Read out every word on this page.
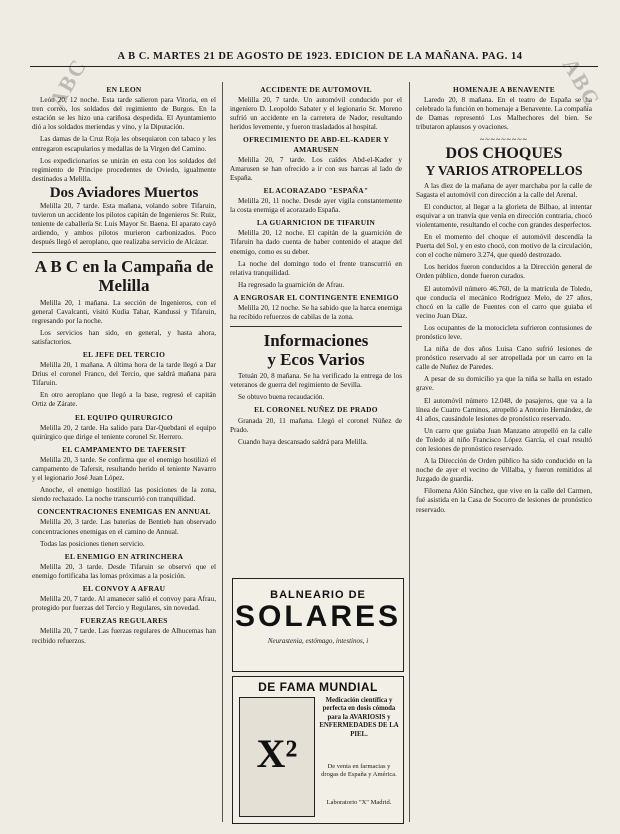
ABC	ABC
A B C. MARTES 21 DE AGOSTO DE 1923. EDICION DE LA MAÑANA. PAG. 14
EN LEON

León 20, 12 noche. Esta tarde salieron para Vitoria, en el tren correo, los soldados del regimiento de Burgos. En la estación se les hizo una cariñosa despedida. El Ayuntamiento dió a los soldados meriendas y vino, y la Diputación.

Las damas de la Cruz Roja les obsequiaron con tabaco y les entregaron escapularios y medallas de la Virgen del Camino.

Los expedicionarios se unirán en esta con los soldados del regimiento de Principe procedentes de Oviedo, igualmente destinados a Melilla.

Dos Aviadores Muertos

Melilla 20, 7 tarde. Esta mañana, volando sobre Tifaruin, tuvieron un accidente los pilotos capitán de Ingenieros Sr. Ruiz, teniente de caballería Sr. Luis Mayor Sr. Baena. El aparato cayó ardiendo, y ambos pilotos murieron carbonizados. Poco después llegó el aeroplano, que realizaba servicio de Alcázar.

A B C en la Campaña de Melilla

Melilla 20, 1 mañana. La sección de Ingenieros, con el general Cavalcanti, visitó Kudia Tahar, Kandussi y Tifaruin, regresando por la noche.

Los servicios han sido, en general, y hasta ahora, satisfactorios.

EL JEFE DEL TERCIO

Melilla 20, 1 mañana. A última hora de la tarde llegó a Dar Drius el coronel Franco, del Tercio, que saldrá mañana para Tifaruin.

En otro aeroplano que llegó a la base, regresó el capitán Ortiz de Zárate.

EL EQUIPO QUIRURGICO

Melilla 20, 2 tarde. Ha salido para Dar-Quebdani el equipo quirúrgico que dirige el teniente coronel Sr. Herrero.

EL CAMPAMENTO DE TAFERSIT

Melilla 20, 3 tarde. Se confirma que el enemigo hostilizó el campamento de Tafersit, resultando herido el teniente Navarro y el legionario José Juan López.

Anoche, el enemigo hostilizó las posiciones de la zona, siendo rechazado. La noche transcurrió con tranquilidad.

CONCENTRACIONES ENEMIGAS EN ANNUAL

Melilla 20, 3 tarde. Las baterías de Bentieb han observado concentraciones enemigas en el camino de Annual.

Todas las posiciones tienen servicio.

EL ENEMIGO EN ATRINCHERA

Melilla 20, 3 tarde. Desde Tifaruin se observó que el enemigo fortificaba las lomas próximas a la posición.

EL CONVOY A AFRAU

Melilla 20, 7 tarde. Al amanecer salió el convoy para Afrau, protegido por fuerzas del Tercio y Regulares, sin novedad.

FUERZAS REGULARES

Melilla 20, 7 tarde. Las fuerzas regulares de Alhucemas han recibido refuerzos.

ACCIDENTE DE AUTOMOVIL

Melilla 20, 7 tarde. Un automóvil conducido por el ingeniero D. Leopoldo Sabater y el legionario Sr. Moreno sufrió un accidente en la carretera de Nador, resultando heridos levemente, y fueron trasladados al hospital.

OFRECIMIENTO DE ABD-EL-KADER Y AMARUSEN

Melilla 20, 7 tarde. Los caídes Abd-el-Kader y Amarusen se han ofrecido a ir con sus harcas al lado de España.

EL ACORAZADO "ESPAÑA"

Melilla 20, 11 noche. Desde ayer vigila constantemente la costa enemiga el acorazado España.

LA GUARNICION DE TIFARUIN

Melilla 20, 12 noche. El capitán de la guarnición de Tifaruin ha dado cuenta de haber contenido el ataque del enemigo, como es su deber.

La noche del domingo todo el frente transcurrió en relativa tranquilidad.

Ha regresado la guarnición de Afrau.

A ENGROSAR EL CONTINGENTE ENEMIGO

Melilla 20, 12 noche. Se ha sabido que la harca enemiga ha recibido refuerzos de cabilas de la zona.

Informaciones
y Ecos Varios

Tetuán 20, 8 mañana. Se ha verificado la entrega de los veteranos de guerra del regimiento de Sevilla.

Se obtuvo buena recaudación.

EL CORONEL NUÑEZ DE PRADO

Granada 20, 11 mañana. Llegó el coronel Núñez de Prado.

Cuando haya descansado saldrá para Melilla.

BALNEARIO DE
SOLARES
Neurastenia, estómago, intestinos, i
DE FAMA MUNDIAL
X²
Medicación científica y perfecta en dosis cómoda para la AVARIOSIS y ENFERMEDADES DE LA PIEL.
De venta en farmacias y drogas de España y América.
Laboratorio "X" Madrid.
HOMENAJE A BENAVENTE

Laredo 20, 8 mañana. En el teatro de España se ha celebrado la función en homenaje a Benavente. La compañía de Damas representó Los Malhechores del bien. Se tributaron aplausos y ovaciones.

~~~~~~~~~
DOS CHOQUES
Y VARIOS ATROPELLOS

A las diez de la mañana de ayer marchaba por la calle de Sagasta el automóvil con dirección a la calle del Arenal.

El conductor, al llegar a la glorieta de Bilbao, al intentar esquivar a un tranvía que venía en dirección contraria, chocó violentamente, resultando el coche con grandes desperfectos.

En el momento del choque el automóvil descendía la Puerta del Sol, y en esto chocó, con motivo de la circulación, con el coche número 3.274, que quedó destrozado.

Los heridos fueron conducidos a la Dirección general de Orden público, donde fueron curados.

El automóvil número 46.760, de la matrícula de Toledo, que conducía el mecánico Rodríguez Melo, de 27 años, chocó en la calle de Fuentes con el carro que guiaba el vecino Juan Díaz.

Los ocupantes de la motocicleta sufrieron contusiones de pronóstico leve.

La niña de dos años Luisa Cano sufrió lesiones de pronóstico reservado al ser atropellada por un carro en la calle de Nuñez de Paredes.

A pesar de su domicilio ya que la niña se halla en estado grave.

El automóvil número 12.048, de pasajeros, que va a la línea de Cuatro Caminos, atropelló a Antonio Hernández, de 41 años, causándole lesiones de pronóstico reservado.

Un carro que guiaba Juan Manzano atropelló en la calle de Toledo al niño Francisco López García, el cual resultó con lesiones de pronóstico reservado.

A la Dirección de Orden público ha sido conducido en la noche de ayer el vecino de Villalba, y fueron remitidos al Juzgado de guardia.

Filomena Alón Sánchez, que vive en la calle del Carmen, fué asistida en la Casa de Socorro de lesiones de pronóstico reservado.
